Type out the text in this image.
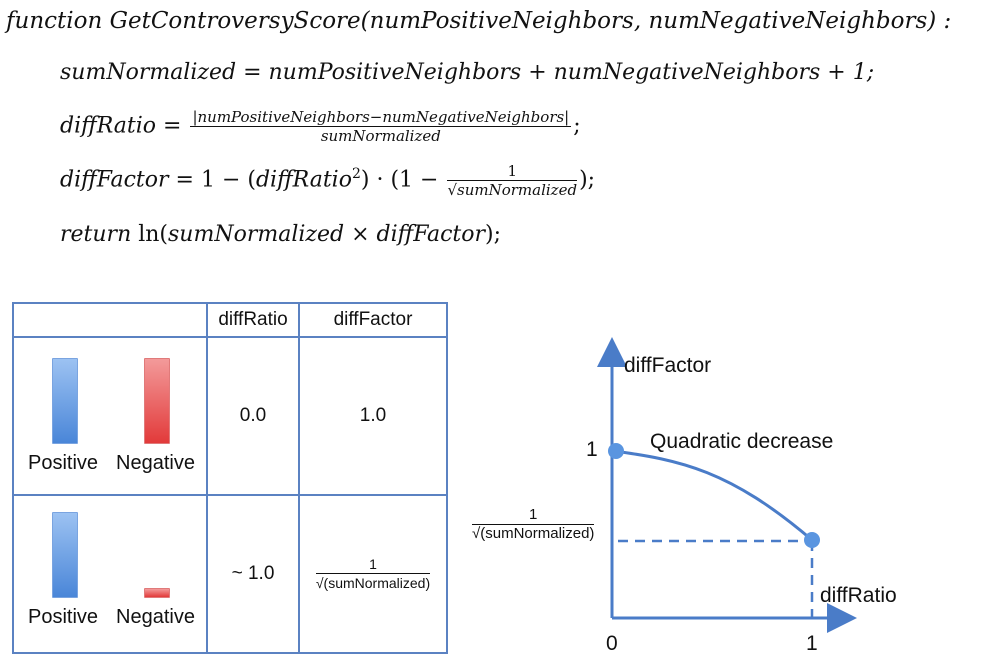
function GetControversyScore(numPositiveNeighbors, numNegativeNeighbors) :
sumNormalized = numPositiveNeighbors + numNegativeNeighbors + 1;
diffRatio = $\frac{\text{|numPositiveNeighbors−numNegativeNeighbors|}}{\text{sumNormalized}}$ ;
diffFactor = 1 − (diffRatio$^2$) · ($1 - \frac{1}{\text{√sumNormalized}}$ );
return ln(sumNormalized × diffFactor);
	diffRatio	diffFactor

Positive Negative	0.0	1.0

Positive Negative	~ 1.0	1
√(sumNormalized)
diffFactor
diffRatio
Quadratic decrease
1
0	1
1
√(sumNormalized)
